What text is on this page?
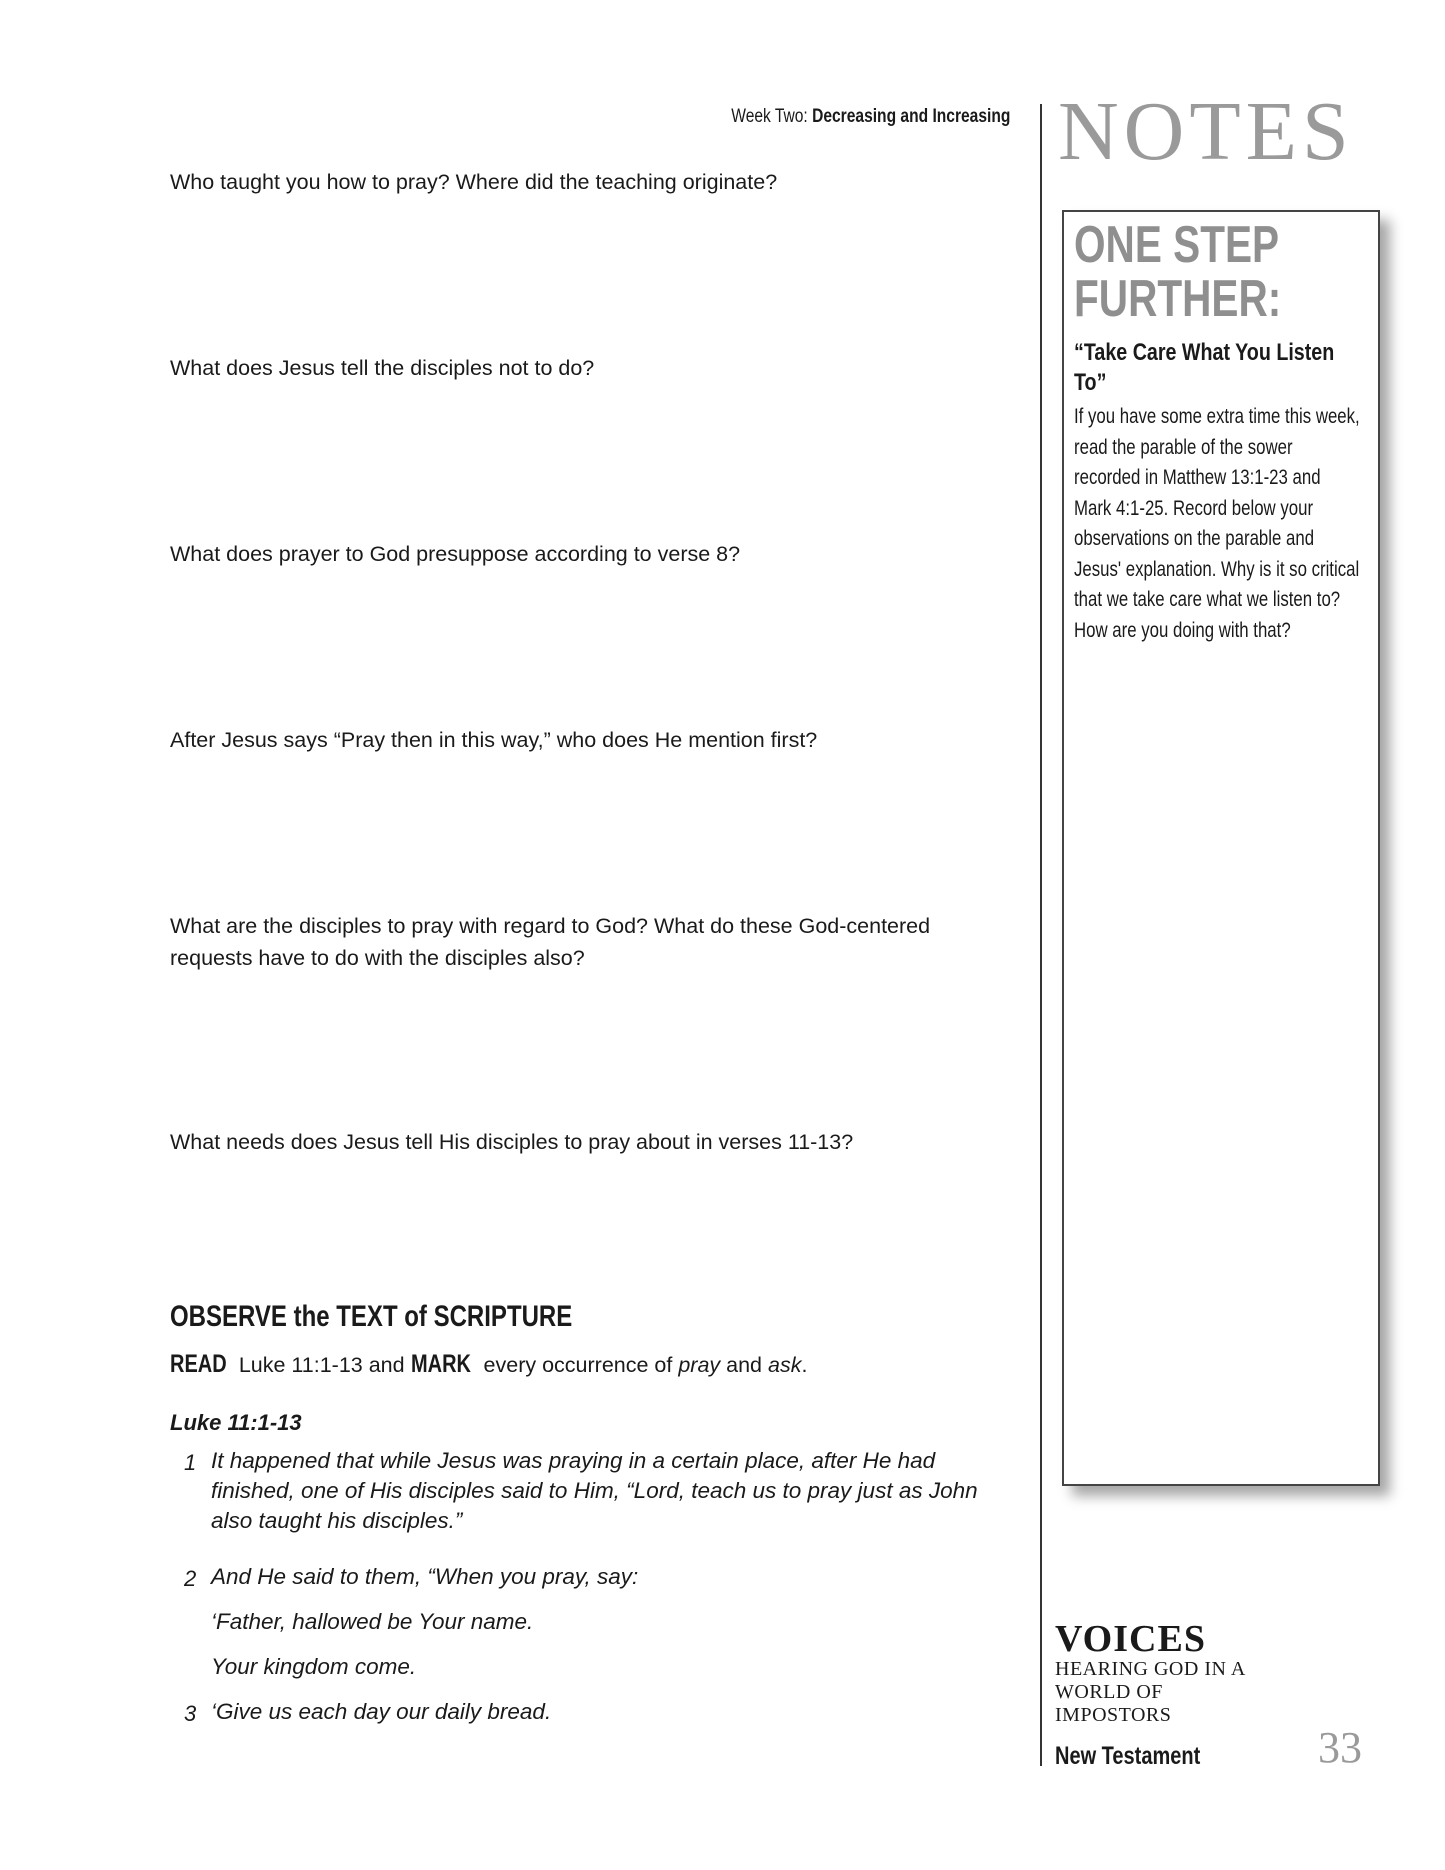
Week Two: Decreasing and Increasing
Who taught you how to pray? Where did the teaching originate?
What does Jesus tell the disciples not to do?
What does prayer to God presuppose according to verse 8?
After Jesus says “Pray then in this way,” who does He mention first?
What are the disciples to pray with regard to God? What do these God-centered requests have to do with the disciples also?
What needs does Jesus tell His disciples to pray about in verses 11-13?
OBSERVE the TEXT of SCRIPTURE
READ Luke 11:1-13 and MARK every occurrence of pray and ask.
Luke 11:1-13
1 It happened that while Jesus was praying in a certain place, after He had finished, one of His disciples said to Him, “Lord, teach us to pray just as John also taught his disciples.”
2 And He said to them, “When you pray, say:
‘Father, hallowed be Your name.
Your kingdom come.
3 ‘Give us each day our daily bread.
NOTES
ONE STEP
FURTHER:
“Take Care What You Listen To”
If you have some extra time this week, read the parable of the sower recorded in Matthew 13:1-23 and Mark 4:1-25. Record below your observations on the parable and Jesus' explanation. Why is it so critical that we take care what we listen to? How are you doing with that?
VOICES
HEARING GOD IN A WORLD OF IMPOSTORS
New Testament	33
